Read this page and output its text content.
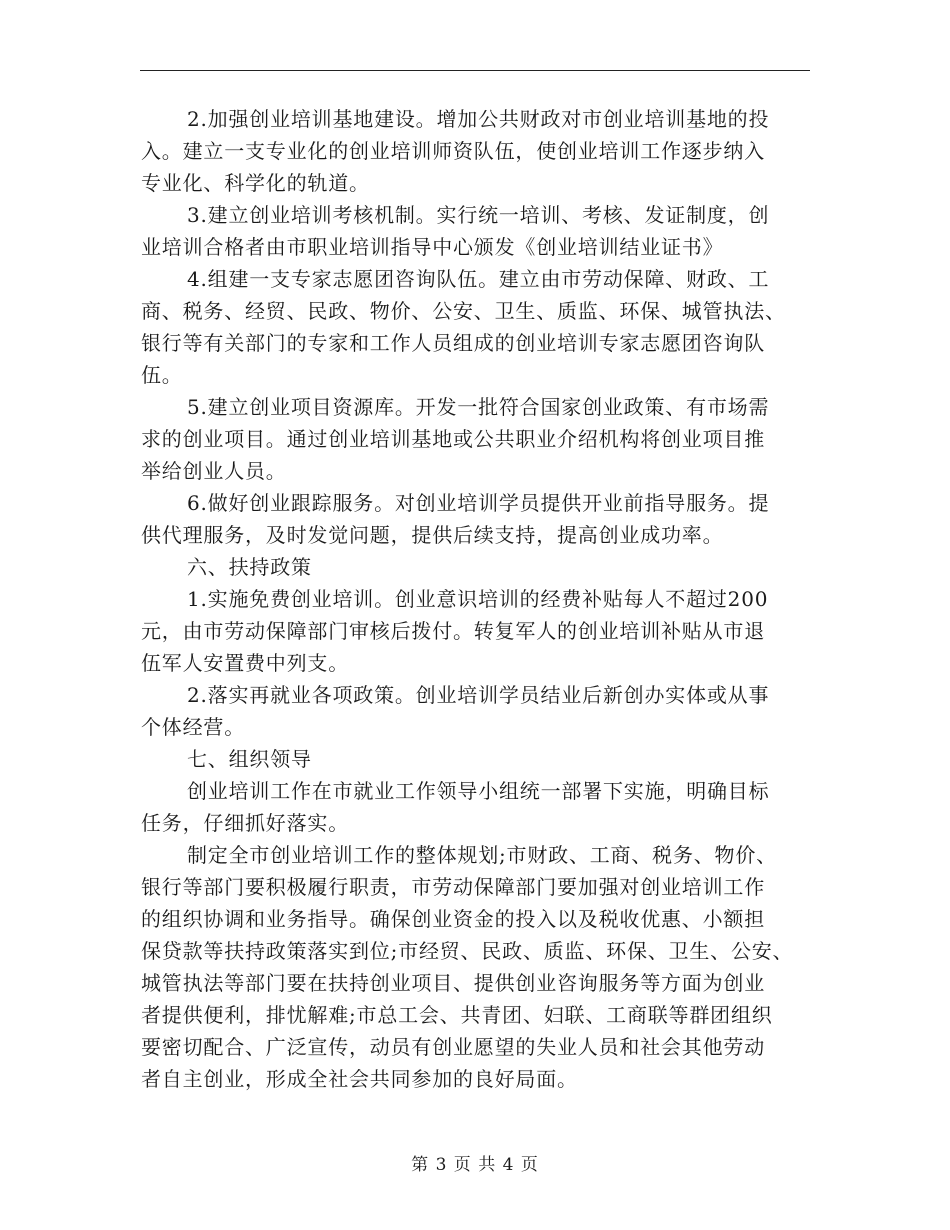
2.加强创业培训基地建设。增加公共财政对市创业培训基地的投
入。建立一支专业化的创业培训师资队伍，使创业培训工作逐步纳入
专业化、科学化的轨道。
3.建立创业培训考核机制。实行统一培训、考核、发证制度，创
业培训合格者由市职业培训指导中心颁发《创业培训结业证书》
4.组建一支专家志愿团咨询队伍。建立由市劳动保障、财政、工
商、税务、经贸、民政、物价、公安、卫生、质监、环保、城管执法、
银行等有关部门的专家和工作人员组成的创业培训专家志愿团咨询队
伍。
5.建立创业项目资源库。开发一批符合国家创业政策、有市场需
求的创业项目。通过创业培训基地或公共职业介绍机构将创业项目推
举给创业人员。
6.做好创业跟踪服务。对创业培训学员提供开业前指导服务。提
供代理服务，及时发觉问题，提供后续支持，提高创业成功率。
六、扶持政策
1.实施免费创业培训。创业意识培训的经费补贴每人不超过200
元，由市劳动保障部门审核后拨付。转复军人的创业培训补贴从市退
伍军人安置费中列支。
2.落实再就业各项政策。创业培训学员结业后新创办实体或从事
个体经营。
七、组织领导
创业培训工作在市就业工作领导小组统一部署下实施，明确目标
任务，仔细抓好落实。
制定全市创业培训工作的整体规划;市财政、工商、税务、物价、
银行等部门要积极履行职责，市劳动保障部门要加强对创业培训工作
的组织协调和业务指导。确保创业资金的投入以及税收优惠、小额担
保贷款等扶持政策落实到位;市经贸、民政、质监、环保、卫生、公安、
城管执法等部门要在扶持创业项目、提供创业咨询服务等方面为创业
者提供便利，排忧解难;市总工会、共青团、妇联、工商联等群团组织
要密切配合、广泛宣传，动员有创业愿望的失业人员和社会其他劳动
者自主创业，形成全社会共同参加的良好局面。
第 3 页 共 4 页
